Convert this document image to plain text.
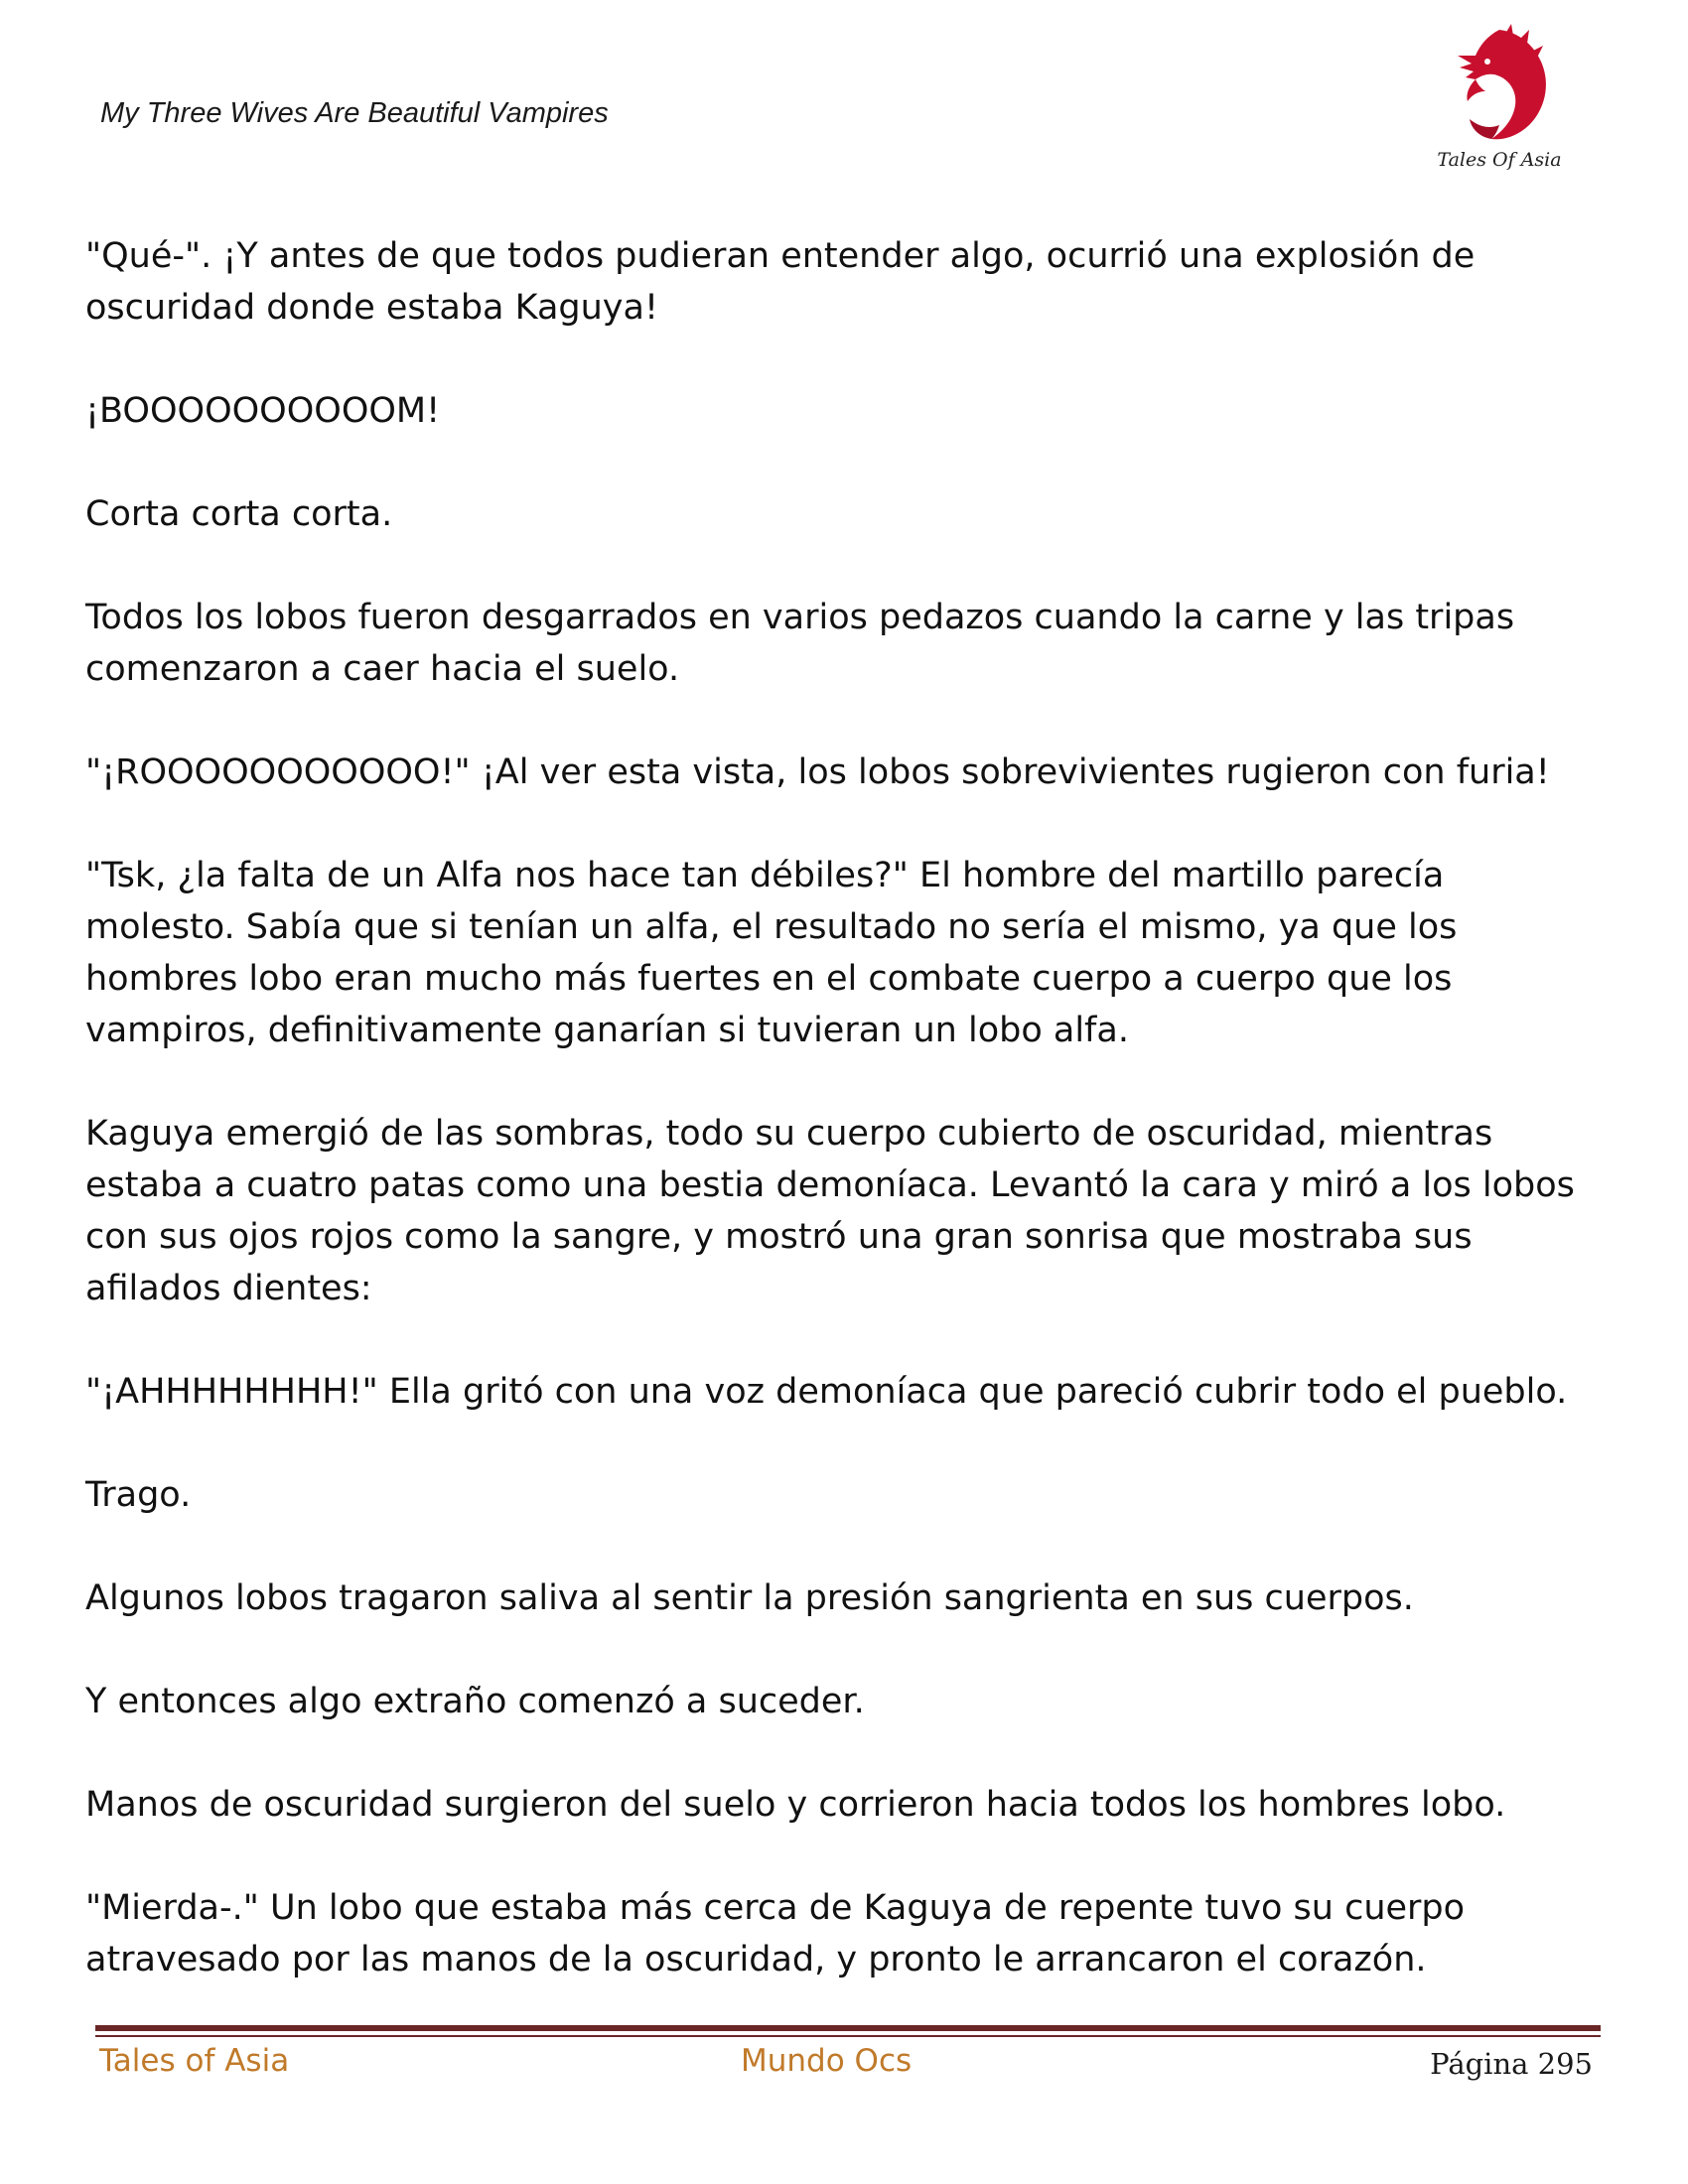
My Three Wives Are Beautiful Vampires
Tales Of Asia

"Qué-". ¡Y antes de que todos pudieran entender algo, ocurrió una explosión de oscuridad donde estaba Kaguya!

¡BOOOOOOOOOOM!

Corta corta corta.

Todos los lobos fueron desgarrados en varios pedazos cuando la carne y las tripas comenzaron a caer hacia el suelo.

"¡ROOOOOOOOOOO!" ¡Al ver esta vista, los lobos sobrevivientes rugieron con furia!

"Tsk, ¿la falta de un Alfa nos hace tan débiles?" El hombre del martillo parecía molesto. Sabía que si tenían un alfa, el resultado no sería el mismo, ya que los hombres lobo eran mucho más fuertes en el combate cuerpo a cuerpo que los vampiros, definitivamente ganarían si tuvieran un lobo alfa.

Kaguya emergió de las sombras, todo su cuerpo cubierto de oscuridad, mientras estaba a cuatro patas como una bestia demoníaca. Levantó la cara y miró a los lobos con sus ojos rojos como la sangre, y mostró una gran sonrisa que mostraba sus afilados dientes:

"¡AHHHHHHHH!" Ella gritó con una voz demoníaca que pareció cubrir todo el pueblo.

Trago.

Algunos lobos tragaron saliva al sentir la presión sangrienta en sus cuerpos.

Y entonces algo extraño comenzó a suceder.

Manos de oscuridad surgieron del suelo y corrieron hacia todos los hombres lobo.

"Mierda-." Un lobo que estaba más cerca de Kaguya de repente tuvo su cuerpo atravesado por las manos de la oscuridad, y pronto le arrancaron el corazón.

Tales of Asia	Mundo Ocs	Página 295
